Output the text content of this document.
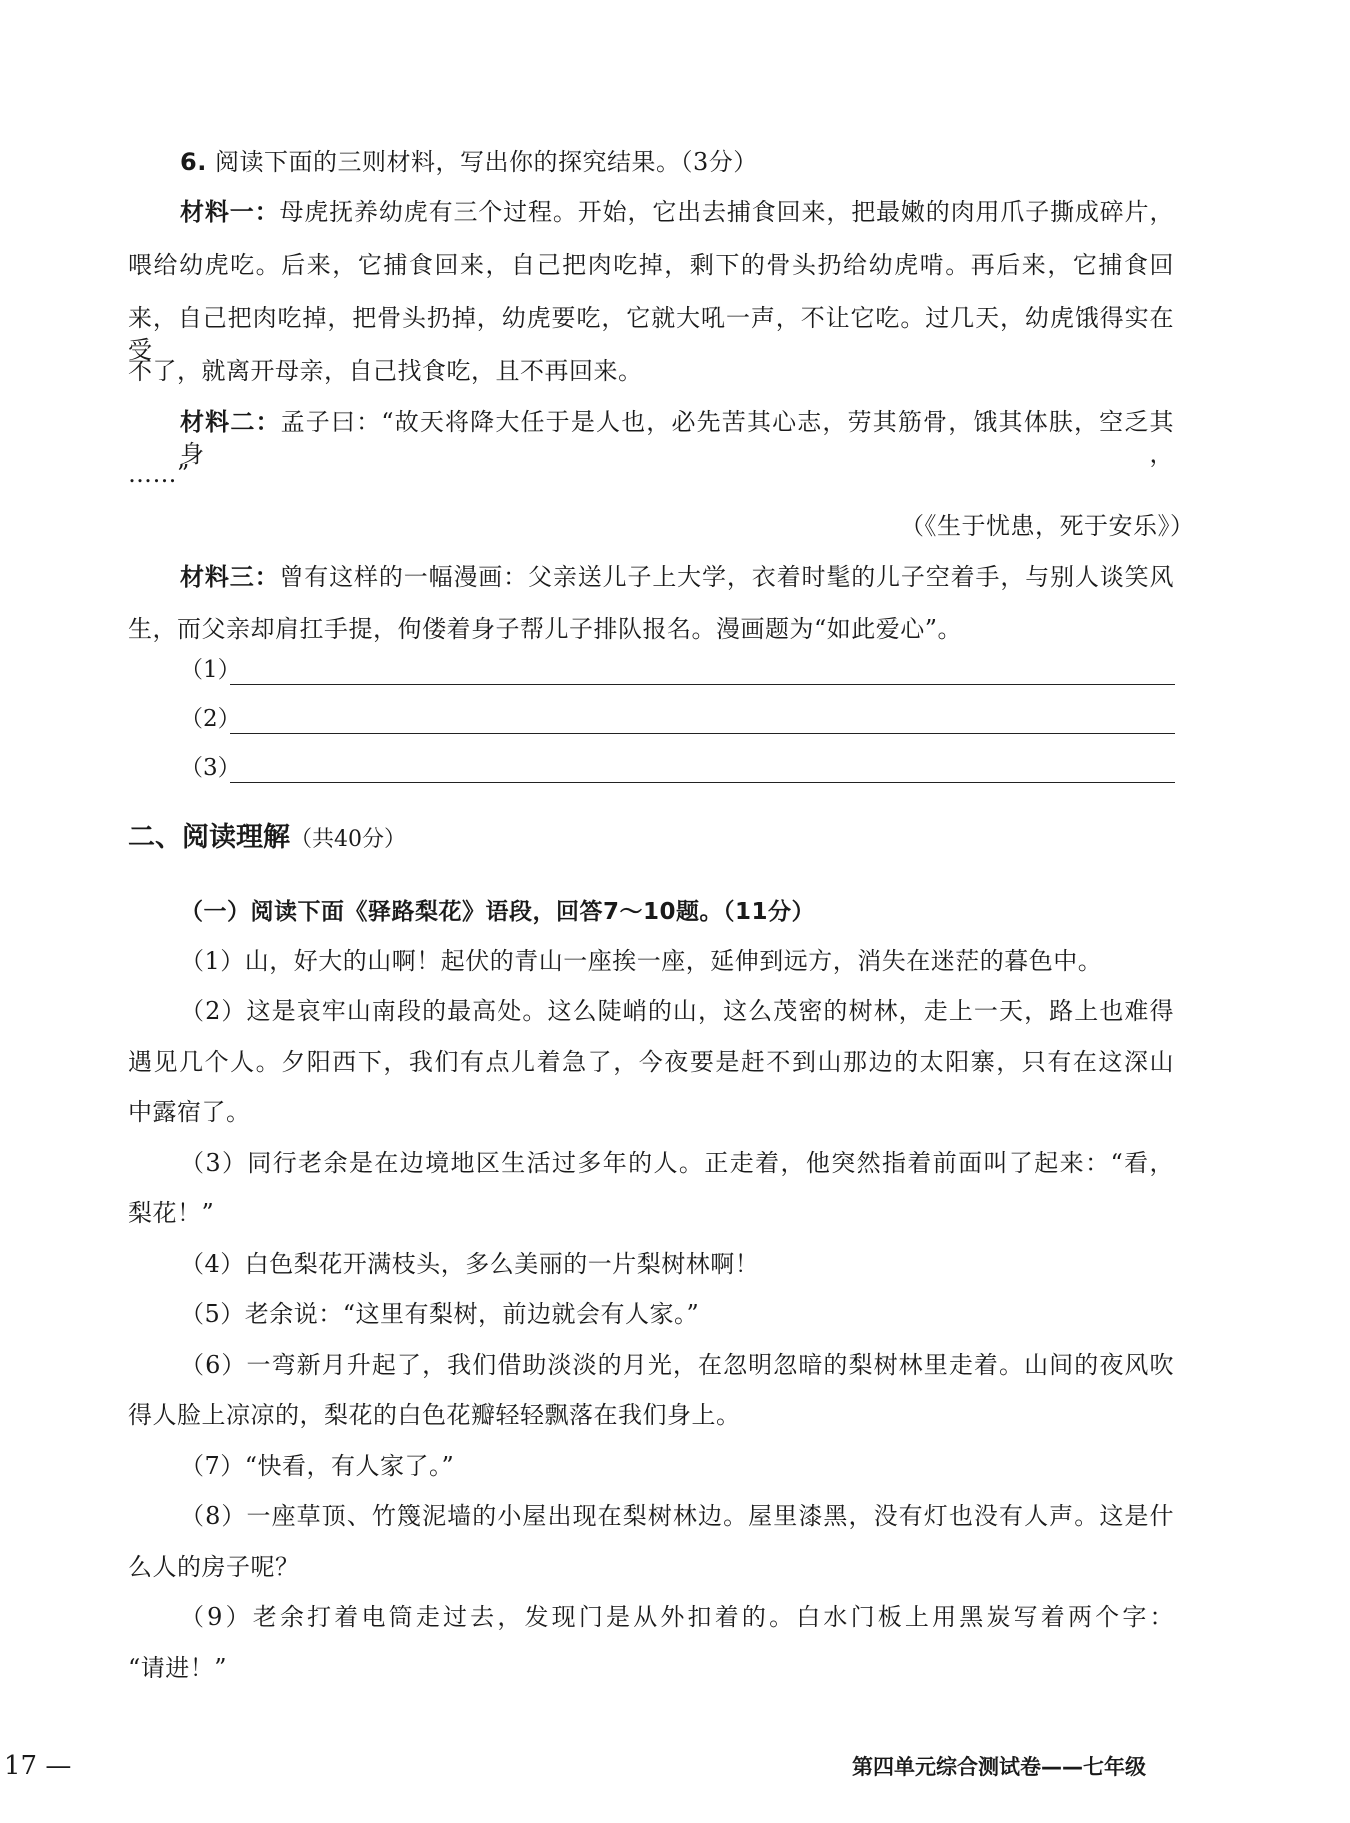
6. 阅读下面的三则材料，写出你的探究结果。（3分）
材料一：母虎抚养幼虎有三个过程。开始，它出去捕食回来，把最嫩的肉用爪子撕成碎片，
喂给幼虎吃。后来，它捕食回来，自己把肉吃掉，剩下的骨头扔给幼虎啃。再后来，它捕食回
来，自己把肉吃掉，把骨头扔掉，幼虎要吃，它就大吼一声，不让它吃。过几天，幼虎饿得实在受
不了，就离开母亲，自己找食吃，且不再回来。
材料二：孟子曰：“故天将降大任于是人也，必先苦其心志，劳其筋骨，饿其体肤，空乏其身，
……”
（《生于忧患，死于安乐》）
材料三：曾有这样的一幅漫画：父亲送儿子上大学，衣着时髦的儿子空着手，与别人谈笑风
生，而父亲却肩扛手提，佝偻着身子帮儿子排队报名。漫画题为“如此爱心”。
（1）
（2）
（3）
二、阅读理解（共40分）
（一）阅读下面《驿路梨花》语段，回答7～10题。（11分）
（1）山，好大的山啊！起伏的青山一座挨一座，延伸到远方，消失在迷茫的暮色中。
（2）这是哀牢山南段的最高处。这么陡峭的山，这么茂密的树林，走上一天，路上也难得
遇见几个人。夕阳西下，我们有点儿着急了，今夜要是赶不到山那边的太阳寨，只有在这深山
中露宿了。
（3）同行老余是在边境地区生活过多年的人。正走着，他突然指着前面叫了起来：“看，
梨花！”
（4）白色梨花开满枝头，多么美丽的一片梨树林啊！
（5）老余说：“这里有梨树，前边就会有人家。”
（6）一弯新月升起了，我们借助淡淡的月光，在忽明忽暗的梨树林里走着。山间的夜风吹
得人脸上凉凉的，梨花的白色花瓣轻轻飘落在我们身上。
（7）“快看，有人家了。”
（8）一座草顶、竹篾泥墙的小屋出现在梨树林边。屋里漆黑，没有灯也没有人声。这是什
么人的房子呢？
（9）老余打着电筒走过去，发现门是从外扣着的。白水门板上用黑炭写着两个字：
“请进！”
17 —	第四单元综合测试卷——七年级
